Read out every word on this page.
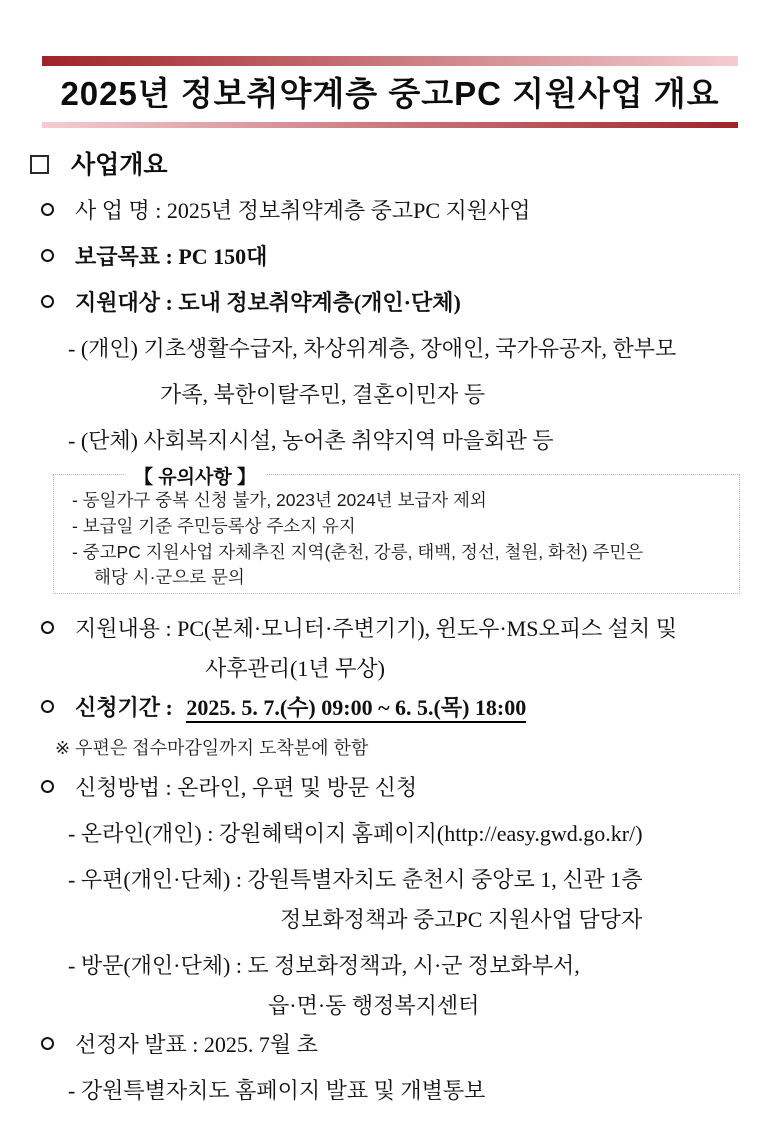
2025년 정보취약계층 중고PC 지원사업 개요
사업개요
사 업 명 : 2025년 정보취약계층 중고PC 지원사업
보급목표 : PC 150대
지원대상 : 도내 정보취약계층(개인·단체)
- (개인) 기초생활수급자, 차상위계층, 장애인, 국가유공자, 한부모
가족, 북한이탈주민, 결혼이민자 등
- (단체) 사회복지시설, 농어촌 취약지역 마을회관 등
【 유의사항 】
- 동일가구 중복 신청 불가, 2023년 2024년 보급자 제외
- 보급일 기준 주민등록상 주소지 유지
- 중고PC 지원사업 자체추진 지역(춘천, 강릉, 태백, 정선, 철원, 화천) 주민은
해당 시·군으로 문의
지원내용 : PC(본체·모니터·주변기기), 윈도우·MS오피스 설치 및
사후관리(1년 무상)
신청기간 : 2025. 5. 7.(수) 09:00 ~ 6. 5.(목) 18:00
※ 우편은 접수마감일까지 도착분에 한함
신청방법 : 온라인, 우편 및 방문 신청
- 온라인(개인) : 강원혜택이지 홈페이지(http://easy.gwd.go.kr/)
- 우편(개인·단체) : 강원특별자치도 춘천시 중앙로 1, 신관 1층
정보화정책과 중고PC 지원사업 담당자
- 방문(개인·단체) : 도 정보화정책과, 시·군 정보화부서,
읍·면·동 행정복지센터
선정자 발표 : 2025. 7월 초
- 강원특별자치도 홈페이지 발표 및 개별통보
